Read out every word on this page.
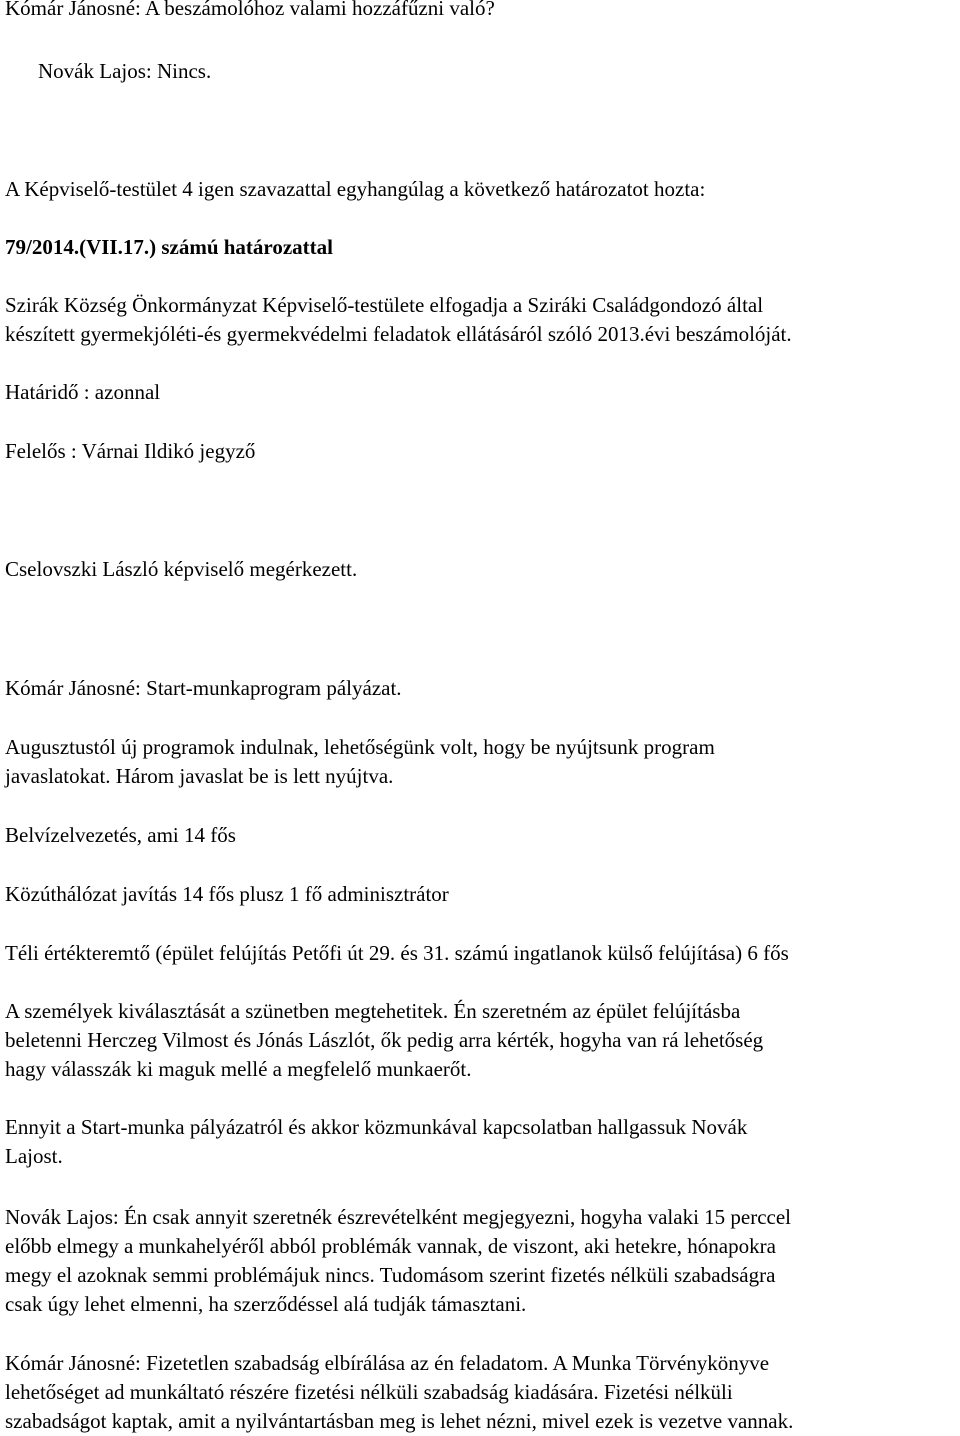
Kómár Jánosné: A beszámolóhoz valami hozzáfűzni való?
Novák Lajos: Nincs.
A Képviselő-testület 4 igen szavazattal egyhangúlag a következő határozatot hozta:
79/2014.(VII.17.) számú határozattal
Szirák Község Önkormányzat Képviselő-testülete elfogadja a Sziráki Családgondozó által
készített gyermekjóléti-és gyermekvédelmi feladatok ellátásáról szóló 2013.évi beszámolóját.
Határidő : azonnal
Felelős : Várnai Ildikó jegyző
Cselovszki László képviselő megérkezett.
Kómár Jánosné: Start-munkaprogram pályázat.
Augusztustól új programok indulnak, lehetőségünk volt, hogy be nyújtsunk program
javaslatokat. Három javaslat be is lett nyújtva.
Belvízelvezetés, ami 14 fős
Közúthálózat javítás 14 fős plusz 1 fő adminisztrátor
Téli értékteremtő (épület felújítás Petőfi út 29. és 31. számú ingatlanok külső felújítása) 6 fős
A személyek kiválasztását a szünetben megtehetitek. Én szeretném az épület felújításba
beletenni Herczeg Vilmost és Jónás Lászlót, ők pedig arra kérték, hogyha van rá lehetőség
hagy válasszák ki maguk mellé a megfelelő munkaerőt.
Ennyit a Start-munka pályázatról és akkor közmunkával kapcsolatban hallgassuk Novák
Lajost.
Novák Lajos: Én csak annyit szeretnék észrevételként megjegyezni, hogyha valaki 15 perccel
előbb elmegy a munkahelyéről abból problémák vannak, de viszont, aki hetekre, hónapokra
megy el azoknak semmi problémájuk nincs. Tudomásom szerint fizetés nélküli szabadságra
csak úgy lehet elmenni, ha szerződéssel alá tudják támasztani.
Kómár Jánosné: Fizetetlen szabadság elbírálása az én feladatom. A Munka Törvénykönyve
lehetőséget ad munkáltató részére fizetési nélküli szabadság kiadására. Fizetési nélküli
szabadságot kaptak, amit a nyilvántartásban meg is lehet nézni, mivel ezek is vezetve vannak.
